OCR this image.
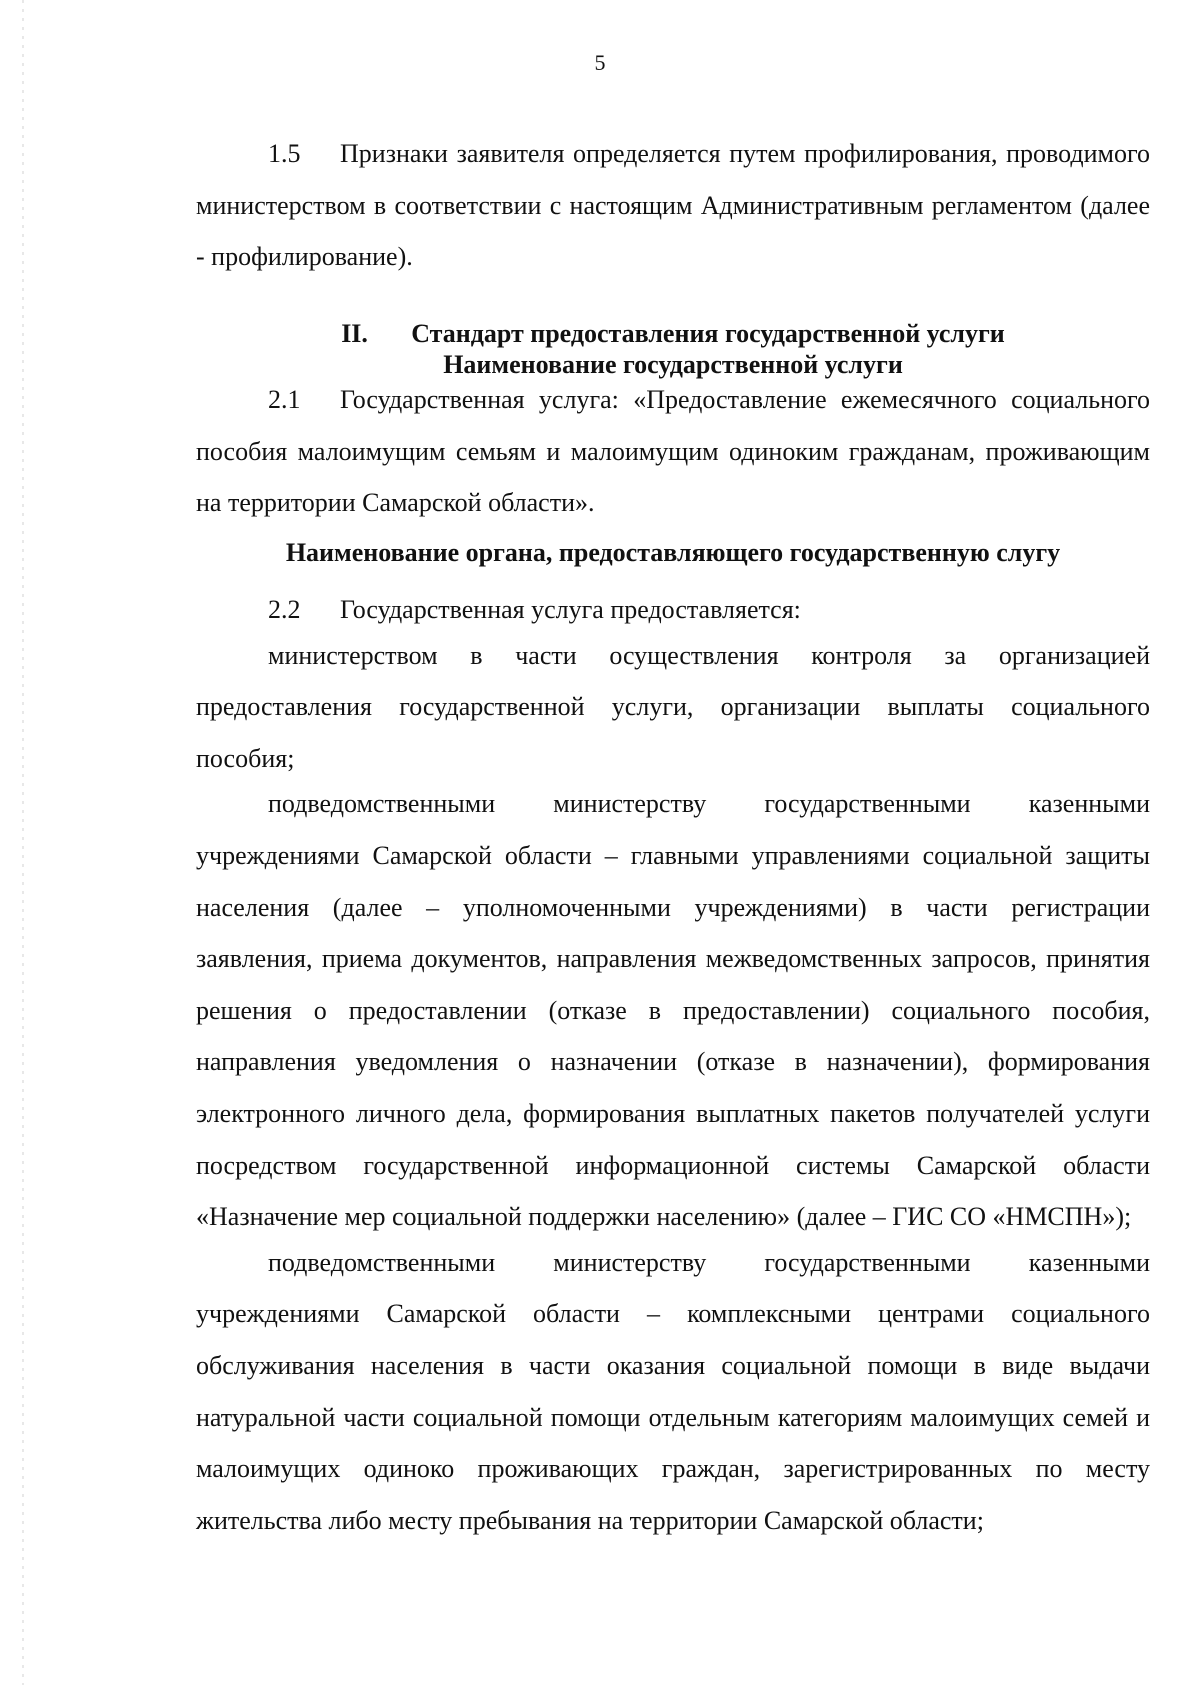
5

1.5 Признаки заявителя определяется путем профилирования, проводимого министерством в соответствии с настоящим Административным регламентом (далее - профилирование).

II. Стандарт предоставления государственной услуги
Наименование государственной услуги

2.1 Государственная услуга: «Предоставление ежемесячного социального пособия малоимущим семьям и малоимущим одиноким гражданам, проживающим на территории Самарской области».

Наименование органа, предоставляющего государственную слугу

2.2 Государственная услуга предоставляется:

министерством в части осуществления контроля за организацией предоставления государственной услуги, организации выплаты социального пособия;

подведомственными министерству государственными казенными учреждениями Самарской области – главными управлениями социальной защиты населения (далее – уполномоченными учреждениями) в части регистрации заявления, приема документов, направления межведомственных запросов, принятия решения о предоставлении (отказе в предоставлении) социального пособия, направления уведомления о назначении (отказе в назначении), формирования электронного личного дела, формирования выплатных пакетов получателей услуги посредством государственной информационной системы Самарской области «Назначение мер социальной поддержки населению» (далее – ГИС СО «НМСПН»);

подведомственными министерству государственными казенными учреждениями Самарской области – комплексными центрами социального обслуживания населения в части оказания социальной помощи в виде выдачи натуральной части социальной помощи отдельным категориям малоимущих семей и малоимущих одиноко проживающих граждан, зарегистрированных по месту жительства либо месту пребывания на территории Самарской области;
